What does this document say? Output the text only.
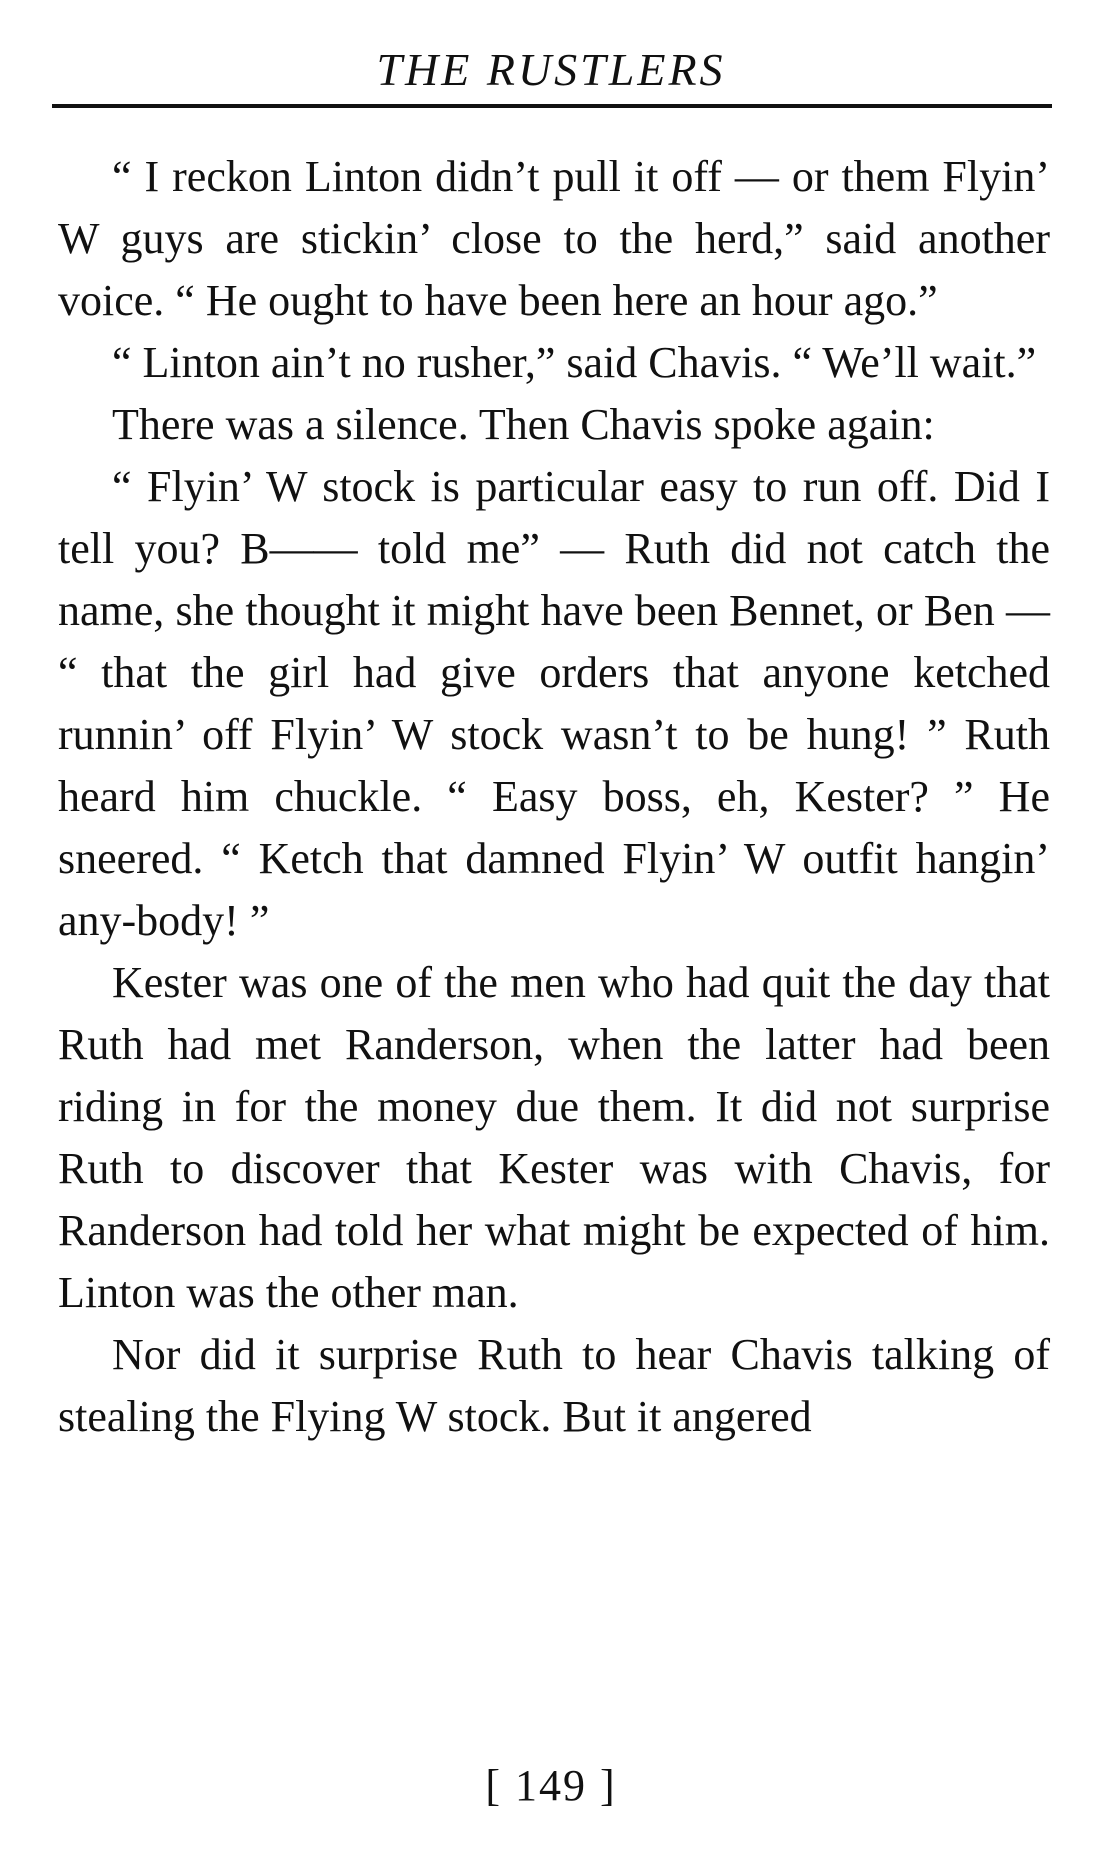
THE RUSTLERS

“ I reckon Linton didn’t pull it off — or them Flyin’ W guys are stickin’ close to the herd,” said another voice. “ He ought to have been here an hour ago.”

“ Linton ain’t no rusher,” said Chavis. “ We’ll wait.”

There was a silence. Then Chavis spoke again:

“ Flyin’ W stock is particular easy to run off. Did I tell you? B—— told me” — Ruth did not catch the name, she thought it might have been Bennet, or Ben — “ that the girl had give orders that anyone ketched runnin’ off Flyin’ W stock wasn’t to be hung! ” Ruth heard him chuckle. “ Easy boss, eh, Kester? ” He sneered. “ Ketch that damned Flyin’ W outfit hangin’ any-body! ”

Kester was one of the men who had quit the day that Ruth had met Randerson, when the latter had been riding in for the money due them. It did not surprise Ruth to discover that Kester was with Chavis, for Randerson had told her what might be expected of him. Linton was the other man.

Nor did it surprise Ruth to hear Chavis talking of stealing the Flying W stock. But it angered

[ 149 ]
